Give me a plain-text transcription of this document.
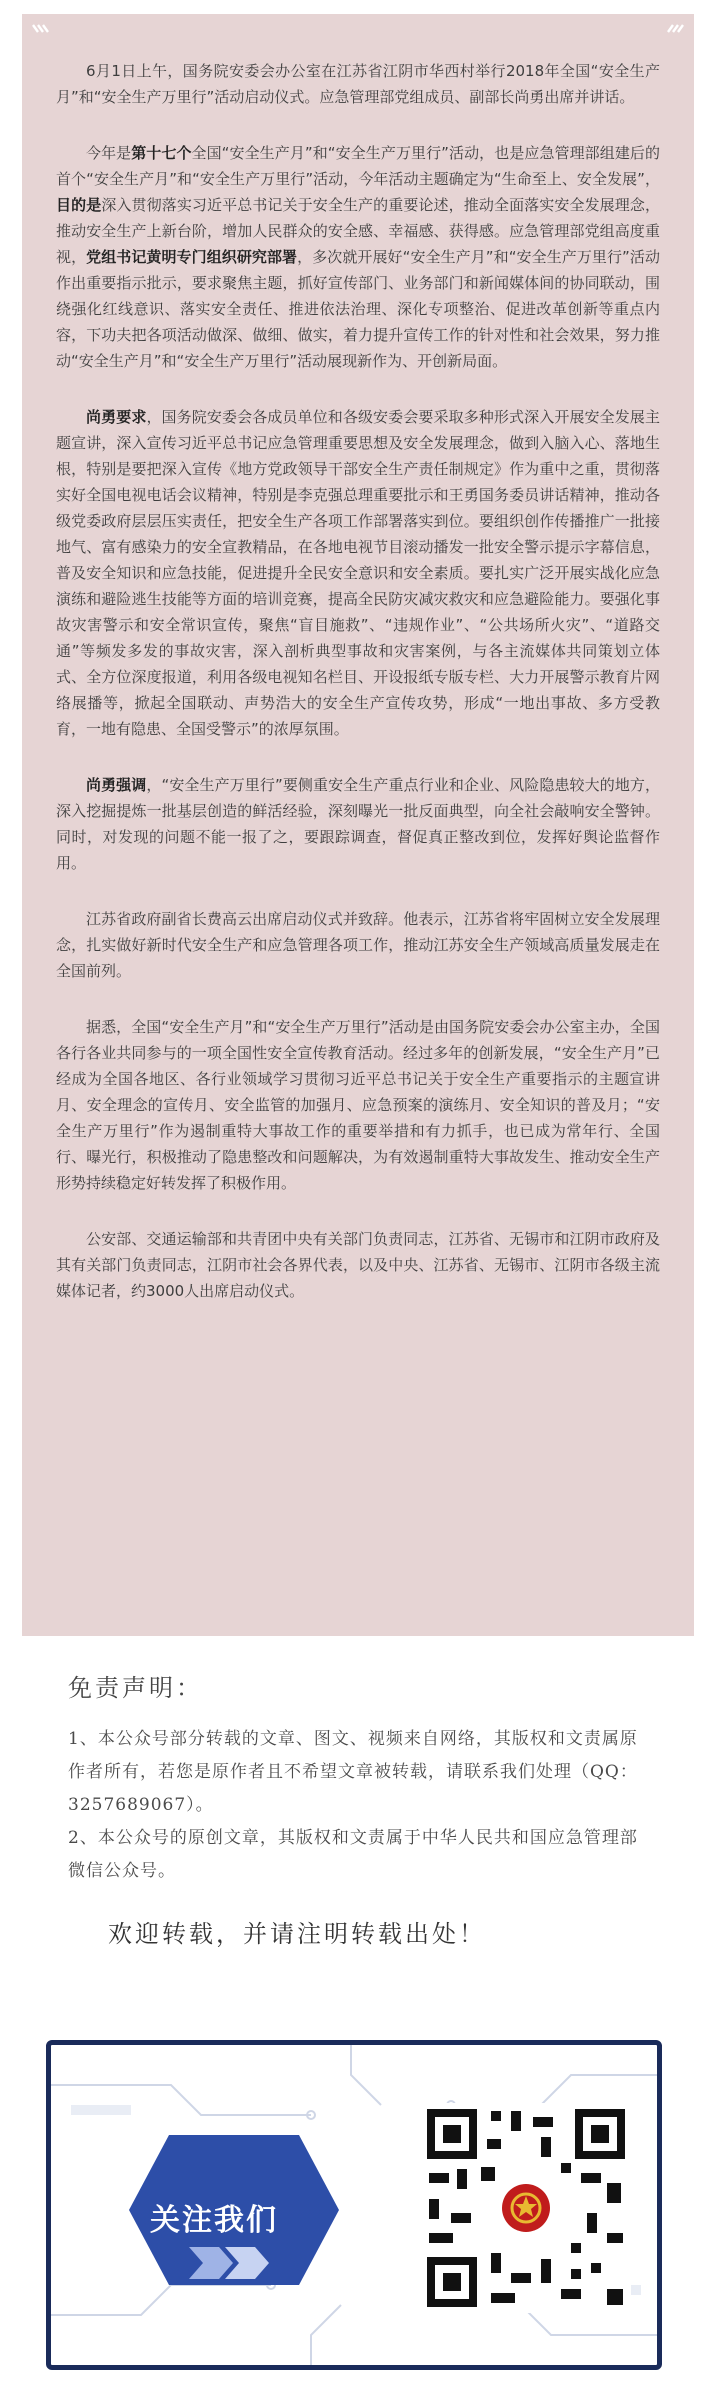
6月1日上午，国务院安委会办公室在江苏省江阴市华西村举行2018年全国“安全生产月”和“安全生产万里行”活动启动仪式。应急管理部党组成员、副部长尚勇出席并讲话。

今年是第十七个全国“安全生产月”和“安全生产万里行”活动，也是应急管理部组建后的首个“安全生产月”和“安全生产万里行”活动，今年活动主题确定为“生命至上、安全发展”，目的是深入贯彻落实习近平总书记关于安全生产的重要论述，推动全面落实安全发展理念，推动安全生产上新台阶，增加人民群众的安全感、幸福感、获得感。应急管理部党组高度重视，党组书记黄明专门组织研究部署，多次就开展好“安全生产月”和“安全生产万里行”活动作出重要指示批示，要求聚焦主题，抓好宣传部门、业务部门和新闻媒体间的协同联动，围绕强化红线意识、落实安全责任、推进依法治理、深化专项整治、促进改革创新等重点内容，下功夫把各项活动做深、做细、做实，着力提升宣传工作的针对性和社会效果，努力推动“安全生产月”和“安全生产万里行”活动展现新作为、开创新局面。

尚勇要求，国务院安委会各成员单位和各级安委会要采取多种形式深入开展安全发展主题宣讲，深入宣传习近平总书记应急管理重要思想及安全发展理念，做到入脑入心、落地生根，特别是要把深入宣传《地方党政领导干部安全生产责任制规定》作为重中之重，贯彻落实好全国电视电话会议精神，特别是李克强总理重要批示和王勇国务委员讲话精神，推动各级党委政府层层压实责任，把安全生产各项工作部署落实到位。要组织创作传播推广一批接地气、富有感染力的安全宣教精品，在各地电视节目滚动播发一批安全警示提示字幕信息，普及安全知识和应急技能，促进提升全民安全意识和安全素质。要扎实广泛开展实战化应急演练和避险逃生技能等方面的培训竞赛，提高全民防灾减灾救灾和应急避险能力。要强化事故灾害警示和安全常识宣传，聚焦“盲目施救”、“违规作业”、“公共场所火灾”、“道路交通”等频发多发的事故灾害，深入剖析典型事故和灾害案例，与各主流媒体共同策划立体式、全方位深度报道，利用各级电视知名栏目、开设报纸专版专栏、大力开展警示教育片网络展播等，掀起全国联动、声势浩大的安全生产宣传攻势，形成“一地出事故、多方受教育，一地有隐患、全国受警示”的浓厚氛围。

尚勇强调，“安全生产万里行”要侧重安全生产重点行业和企业、风险隐患较大的地方，深入挖掘提炼一批基层创造的鲜活经验，深刻曝光一批反面典型，向全社会敲响安全警钟。同时，对发现的问题不能一报了之，要跟踪调查，督促真正整改到位，发挥好舆论监督作用。

江苏省政府副省长费高云出席启动仪式并致辞。他表示，江苏省将牢固树立安全发展理念，扎实做好新时代安全生产和应急管理各项工作，推动江苏安全生产领域高质量发展走在全国前列。

据悉，全国“安全生产月”和“安全生产万里行”活动是由国务院安委会办公室主办，全国各行各业共同参与的一项全国性安全宣传教育活动。经过多年的创新发展，“安全生产月”已经成为全国各地区、各行业领域学习贯彻习近平总书记关于安全生产重要指示的主题宣讲月、安全理念的宣传月、安全监管的加强月、应急预案的演练月、安全知识的普及月；“安全生产万里行”作为遏制重特大事故工作的重要举措和有力抓手，也已成为常年行、全国行、曝光行，积极推动了隐患整改和问题解决，为有效遏制重特大事故发生、推动安全生产形势持续稳定好转发挥了积极作用。

公安部、交通运输部和共青团中央有关部门负责同志，江苏省、无锡市和江阴市政府及其有关部门负责同志，江阴市社会各界代表，以及中央、江苏省、无锡市、江阴市各级主流媒体记者，约3000人出席启动仪式。

免责声明：

1、本公众号部分转载的文章、图文、视频来自网络，其版权和文责属原作者所有，若您是原作者且不希望文章被转载，请联系我们处理（QQ：3257689067）。

2、本公众号的原创文章，其版权和文责属于中华人民共和国应急管理部微信公众号。

欢迎转载，并请注明转载出处！

关注我们
